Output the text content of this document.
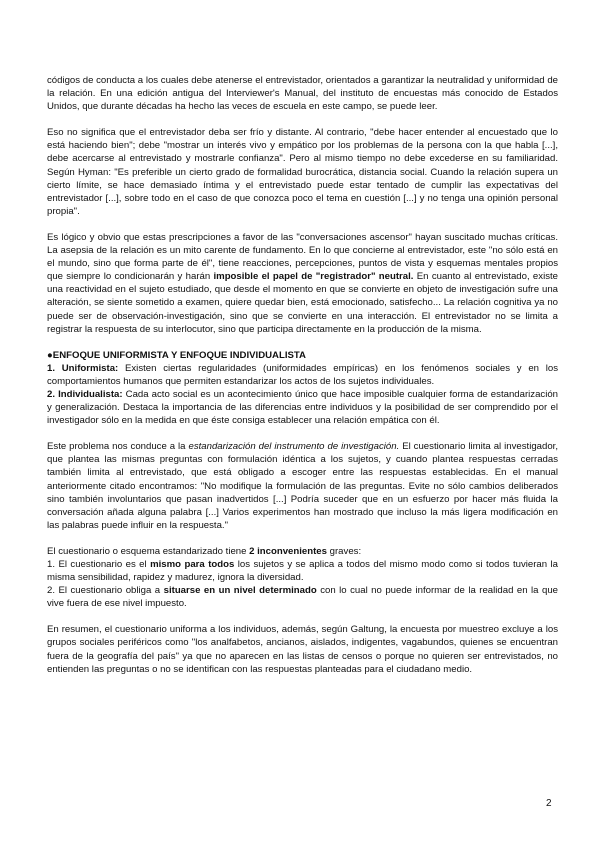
códigos de conducta a los cuales debe atenerse el entrevistador, orientados a garantizar la neutralidad y uniformidad de la relación. En una edición antigua del Interviewer's Manual, del instituto de encuestas más conocido de Estados Unidos, que durante décadas ha hecho las veces de escuela en este campo, se puede leer.

Eso no significa que el entrevistador deba ser frío y distante. Al contrario, "debe hacer entender al encuestado que lo está haciendo bien"; debe "mostrar un interés vivo y empático por los problemas de la persona con la que habla [...], debe acercarse al entrevistado y mostrarle confianza". Pero al mismo tiempo no debe excederse en su familiaridad. Según Hyman: "Es preferible un cierto grado de formalidad burocrática, distancia social. Cuando la relación supera un cierto límite, se hace demasiado íntima y el entrevistado puede estar tentado de cumplir las expectativas del entrevistador [...], sobre todo en el caso de que conozca poco el tema en cuestión [...] y no tenga una opinión personal propia".

Es lógico y obvio que estas prescripciones a favor de las "conversaciones ascensor" hayan suscitado muchas críticas. La asepsia de la relación es un mito carente de fundamento. En lo que concierne al entrevistador, este "no sólo está en el mundo, sino que forma parte de él", tiene reacciones, percepciones, puntos de vista y esquemas mentales propios que siempre lo condicionarán y harán imposible el papel de "registrador" neutral. En cuanto al entrevistado, existe una reactividad en el sujeto estudiado, que desde el momento en que se convierte en objeto de investigación sufre una alteración, se siente sometido a examen, quiere quedar bien, está emocionado, satisfecho... La relación cognitiva ya no puede ser de observación-investigación, sino que se convierte en una interacción. El entrevistador no se limita a registrar la respuesta de su interlocutor, sino que participa directamente en la producción de la misma.

●ENFOQUE UNIFORMISTA Y ENFOQUE INDIVIDUALISTA

1. Uniformista: Existen ciertas regularidades (uniformidades empíricas) en los fenómenos sociales y en los comportamientos humanos que permiten estandarizar los actos de los sujetos individuales.

2. Individualista: Cada acto social es un acontecimiento único que hace imposible cualquier forma de estandarización y generalización. Destaca la importancia de las diferencias entre individuos y la posibilidad de ser comprendido por el investigador sólo en la medida en que éste consiga establecer una relación empática con él.

Este problema nos conduce a la estandarización del instrumento de investigación. El cuestionario limita al investigador, que plantea las mismas preguntas con formulación idéntica a los sujetos, y cuando plantea respuestas cerradas también limita al entrevistado, que está obligado a escoger entre las respuestas establecidas. En el manual anteriormente citado encontramos: "No modifique la formulación de las preguntas. Evite no sólo cambios deliberados sino también involuntarios que pasan inadvertidos [...] Podría suceder que en un esfuerzo por hacer más fluida la conversación añada alguna palabra [...] Varios experimentos han mostrado que incluso la más ligera modificación en las palabras puede influir en la respuesta."

El cuestionario o esquema estandarizado tiene 2 inconvenientes graves:

1. El cuestionario es el mismo para todos los sujetos y se aplica a todos del mismo modo como si todos tuvieran la misma sensibilidad, rapidez y madurez, ignora la diversidad.

2. El cuestionario obliga a situarse en un nivel determinado con lo cual no puede informar de la realidad en la que vive fuera de ese nivel impuesto.

En resumen, el cuestionario uniforma a los individuos, además, según Galtung, la encuesta por muestreo excluye a los grupos sociales periféricos como "los analfabetos, ancianos, aislados, indigentes, vagabundos, quienes se encuentran fuera de la geografía del país" ya que no aparecen en las listas de censos o porque no quieren ser entrevistados, no entienden las preguntas o no se identifican con las respuestas planteadas para el ciudadano medio.

2
